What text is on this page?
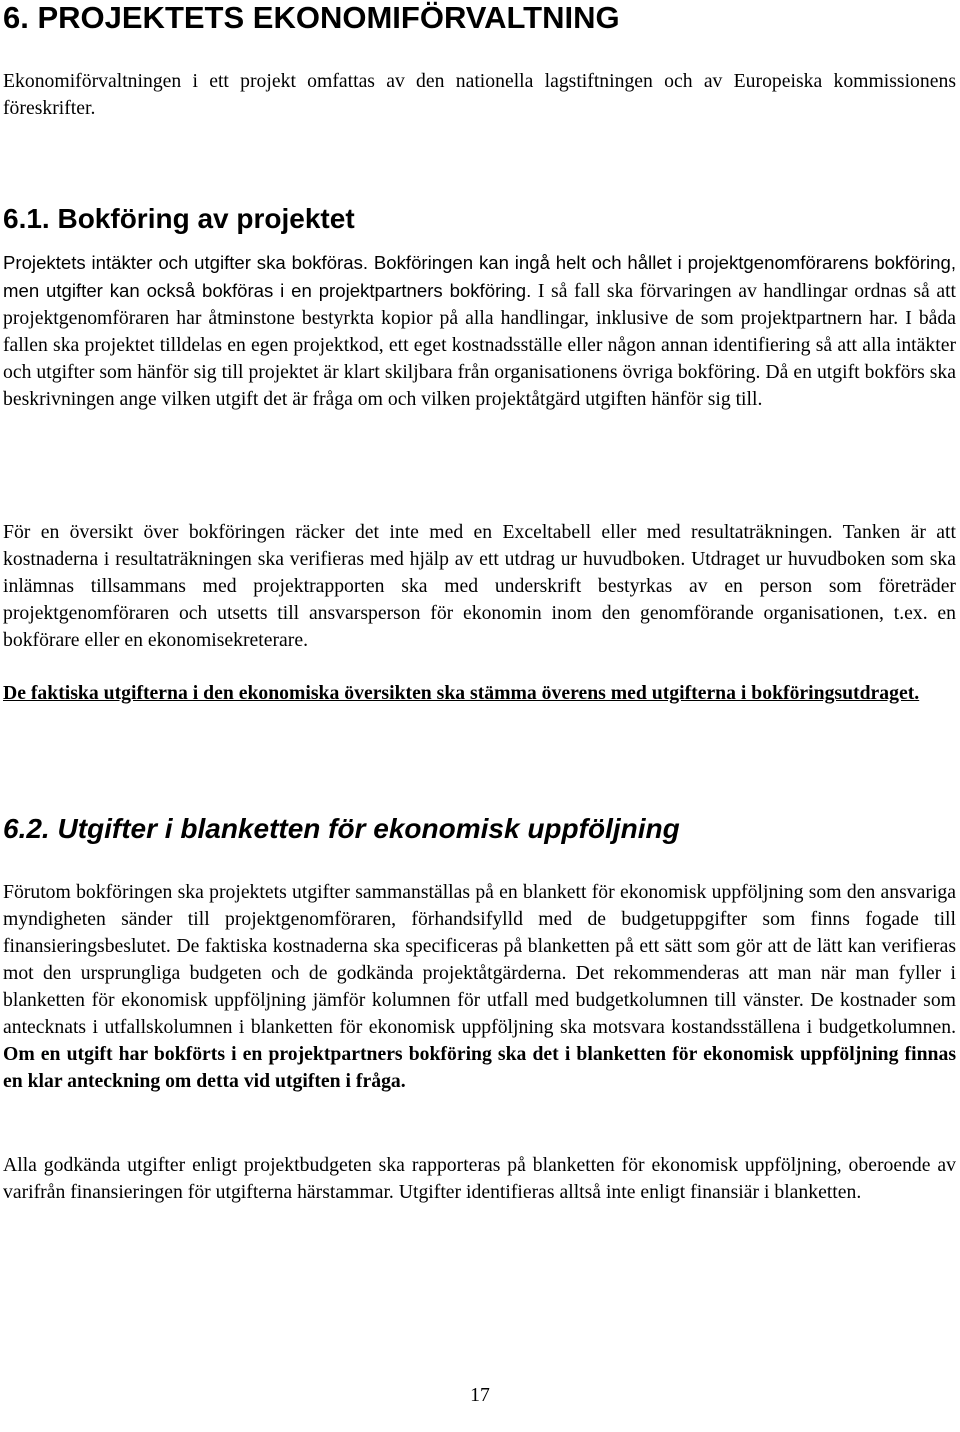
6. PROJEKTETS EKONOMIFÖRVALTNING

Ekonomiförvaltningen i ett projekt omfattas av den nationella lagstiftningen och av Europeiska kommissionens föreskrifter.

6.1. Bokföring av projektet

Projektets intäkter och utgifter ska bokföras. Bokföringen kan ingå helt och hållet i projektgenomförarens bokföring, men utgifter kan också bokföras i en projektpartners bokföring. I så fall ska förvaringen av handlingar ordnas så att projektgenomföraren har åtminstone bestyrkta kopior på alla handlingar, inklusive de som projektpartnern har. I båda fallen ska projektet tilldelas en egen projektkod, ett eget kostnadsställe eller någon annan identifiering så att alla intäkter och utgifter som hänför sig till projektet är klart skiljbara från organisationens övriga bokföring. Då en utgift bokförs ska beskrivningen ange vilken utgift det är fråga om och vilken projektåtgärd utgiften hänför sig till.

För en översikt över bokföringen räcker det inte med en Exceltabell eller med resultaträkningen. Tanken är att kostnaderna i resultaträkningen ska verifieras med hjälp av ett utdrag ur huvudboken. Utdraget ur huvudboken som ska inlämnas tillsammans med projektrapporten ska med underskrift bestyrkas av en person som företräder projektgenomföraren och utsetts till ansvarsperson för ekonomin inom den genomförande organisationen, t.ex. en bokförare eller en ekonomisekreterare.

De faktiska utgifterna i den ekonomiska översikten ska stämma överens med utgifterna i bokföringsutdraget.

6.2. Utgifter i blanketten för ekonomisk uppföljning

Förutom bokföringen ska projektets utgifter sammanställas på en blankett för ekonomisk uppföljning som den ansvariga myndigheten sänder till projektgenomföraren, förhandsifylld med de budgetuppgifter som finns fogade till finansieringsbeslutet. De faktiska kostnaderna ska specificeras på blanketten på ett sätt som gör att de lätt kan verifieras mot den ursprungliga budgeten och de godkända projektåtgärderna. Det rekommenderas att man när man fyller i blanketten för ekonomisk uppföljning jämför kolumnen för utfall med budgetkolumnen till vänster. De kostnader som antecknats i utfallskolumnen i blanketten för ekonomisk uppföljning ska motsvara kostandsställena i budgetkolumnen. Om en utgift har bokförts i en projektpartners bokföring ska det i blanketten för ekonomisk uppföljning finnas en klar anteckning om detta vid utgiften i fråga.

Alla godkända utgifter enligt projektbudgeten ska rapporteras på blanketten för ekonomisk uppföljning, oberoende av varifrån finansieringen för utgifterna härstammar. Utgifter identifieras alltså inte enligt finansiär i blanketten.

17
